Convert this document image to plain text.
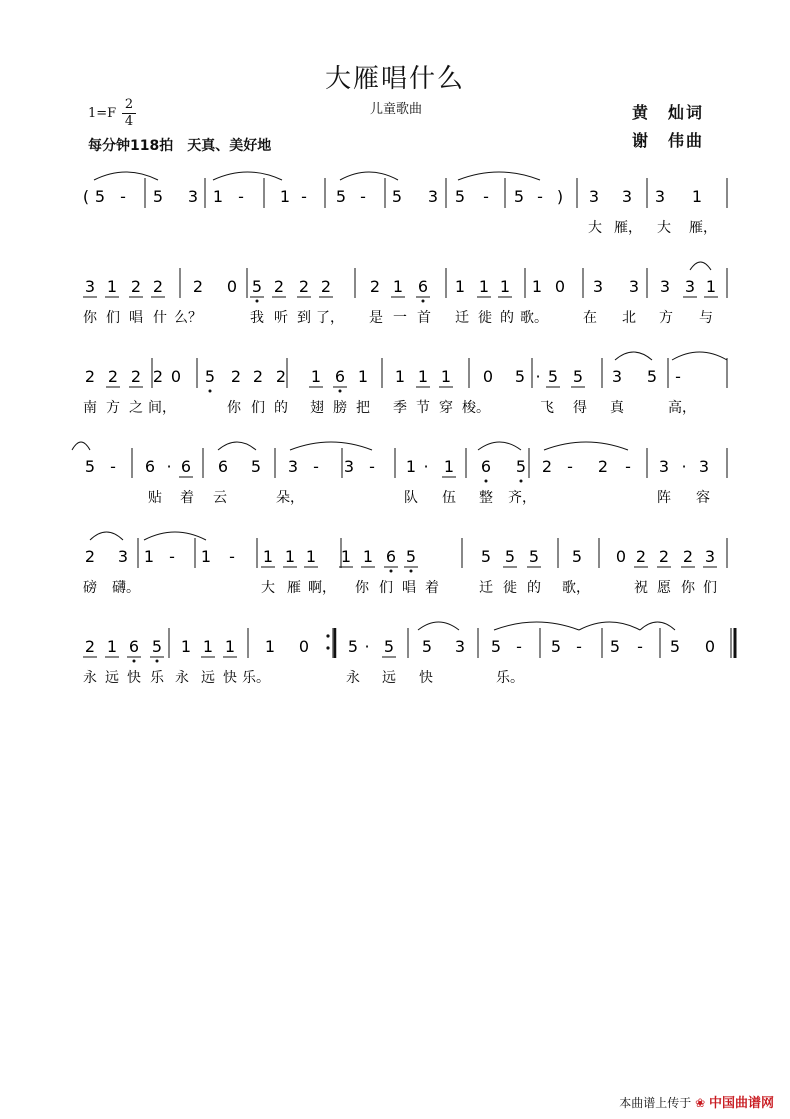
大雁唱什么
儿童歌曲
1=F
2
4
每分钟118拍　天真、美好地
黄　灿词
谢　伟曲
( 5 - 5 3 1 - 1 - 5 - 5 3 5 - 5 - ) 3 3 3 1
大 雁， 大 雁，
3 1 2 2 2 0 5 2 2 2 2 1 6 1 1 1 1 0 3 3 3 3 1
你 们 唱 什 么？	我 听 到 了， 是 一 首 迁 徙 的 歌。	在 北 方 与
2 2 2 2 0 5 2 2 2 1 6 1 1 1 1 0 5 · 5 5 3 5 -
南 方 之 间，	你 们 的 翅 膀 把 季 节 穿 梭。	飞 得 真	高，
5 - 6 · 6 6 5 3 - 3 - 1 · 1 6 5 2 - 2 - 3 · 3
贴 着 云	朵，	队 伍 整 齐，	阵 容
2 3 1 - 1 - 1 1 1 1 1 6 5	5 5 5 5 0 2 2 2 3
磅 礴。	大 雁 啊， 你 们 唱 着	迁 徙 的 歌，	祝 愿 你 们
2 1 6 5 1 1 1 1 0 5 · 5 5 3 5 - 5 - 5 - 5 0
永 远 快 乐 永 远 快 乐。	永 远 快	乐。
本曲谱上传于 ❀ 中国曲谱网
